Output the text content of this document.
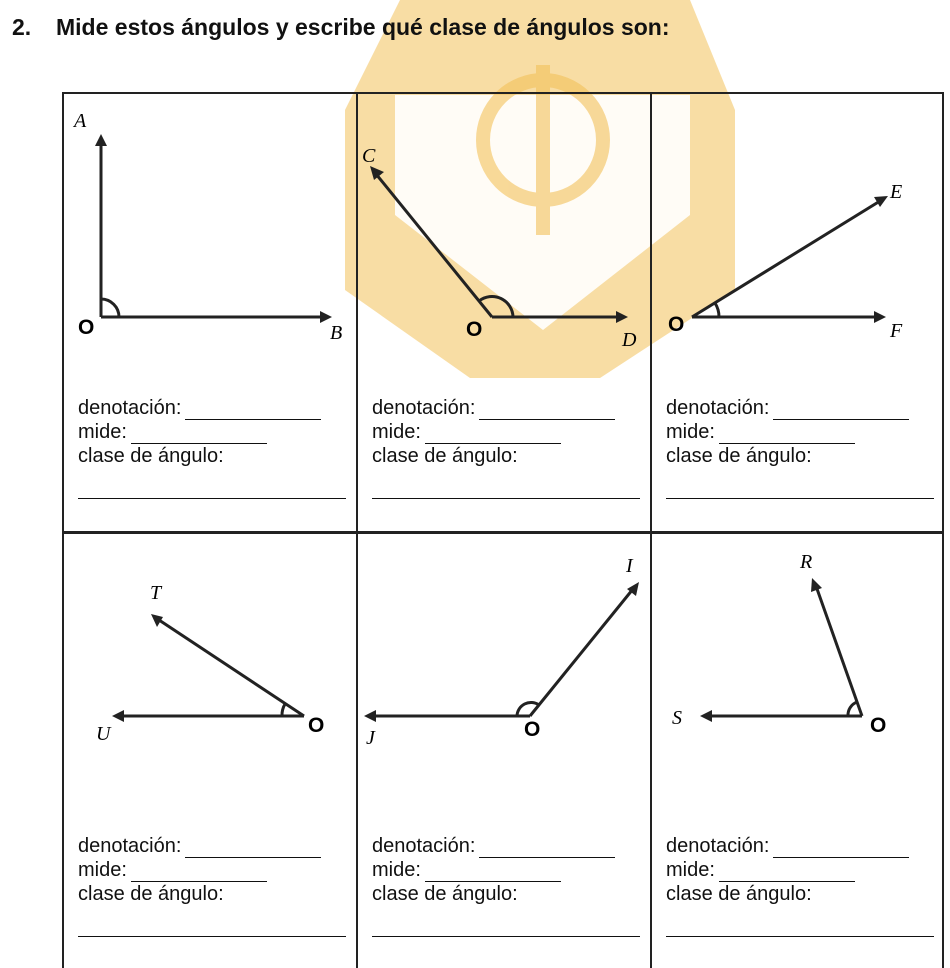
2. Mide estos ángulos y escribe qué clase de ángulos son:
A
B
O
denotación:
mide:
clase de ángulo:
C
D
O
denotación:
mide:
clase de ángulo:
E
F
O
denotación:
mide:
clase de ángulo:
T
U	O
denotación:
mide:
clase de ángulo:
I
J	O
denotación:
mide:
clase de ángulo:
R
S	O
denotación:
mide:
clase de ángulo:
